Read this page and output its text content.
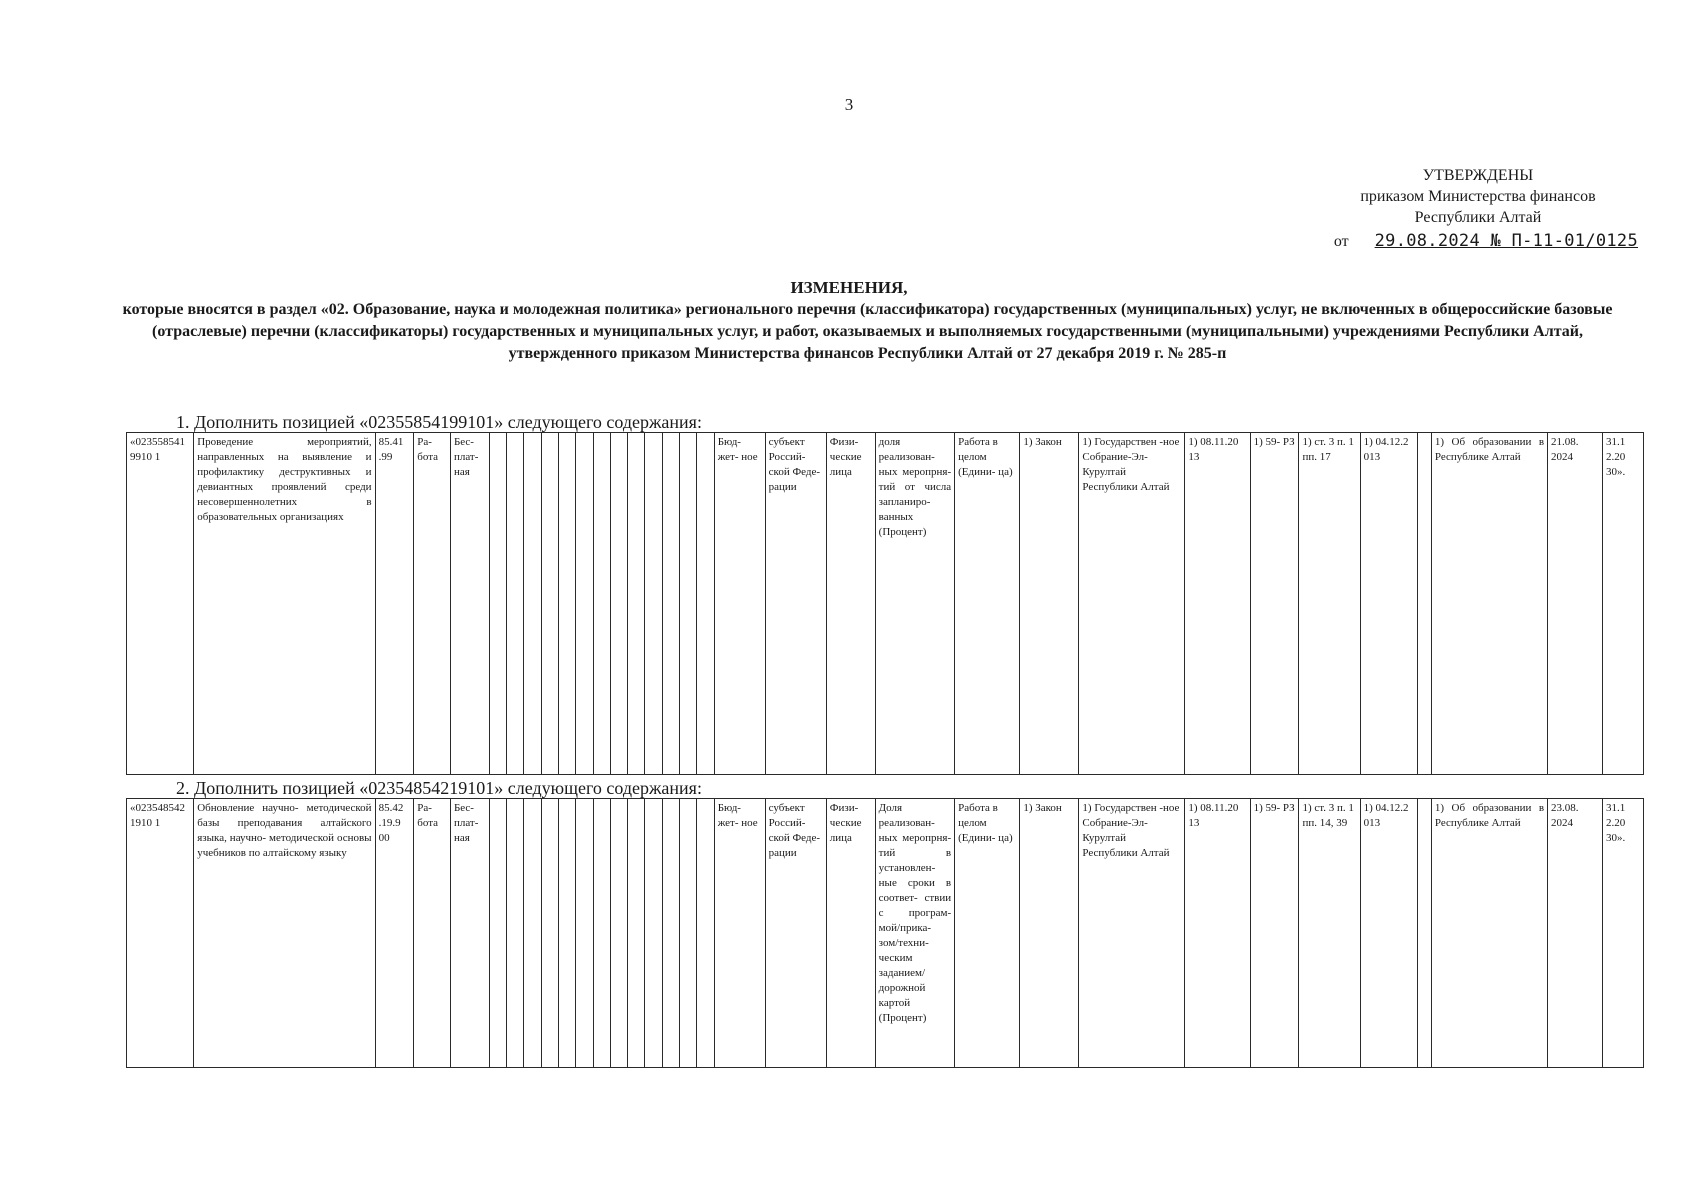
3
УТВЕРЖДЕНЫ
приказом Министерства финансов
Республики Алтай
от 29.08.2024 № П-11-01/0125
ИЗМЕНЕНИЯ,
которые вносятся в раздел «02. Образование, наука и молодежная политика» регионального перечня (классификатора) государственных (муниципальных) услуг, не включенных в общероссийские базовые (отраслевые) перечни (классификаторы) государственных и муниципальных услуг, и работ, оказываемых и выполняемых государственными (муниципальными) учреждениями Республики Алтай, утвержденного приказом Министерства финансов Республики Алтай от 27 декабря 2019 г. № 285-п
1. Дополнить позицией «02355854199101» следующего содержания:
«0235585419910 1	Проведение мероприятий, направленных на выявление и профилактику деструктивных и девиантных проявлений среди несовершеннолетних в образовательных организациях	85.41 .99	Ра- бота	Бес- плат- ная														Бюд- жет- ное	субъект Россий- ской Феде- рации	Физи- ческие лица	доля реализован- ных меропрня- тий от числа запланиро- ванных (Процент)	Работа в целом (Едини- ца)	1) Закон	1) Государствен -ное Собрание-Эл- Курултай Республики Алтай	1) 08.11.20 13	1) 59- РЗ	1) ст. 3 п. 1 пп. 17	1) 04.12.2 013		1) Об образовании в Республике Алтай	21.08. 2024	31.1 2.20 30».
2. Дополнить позицией «02354854219101» следующего содержания:
«0235485421910 1	Обновление научно- методической базы преподавания алтайского языка, научно- методической основы учебников по алтайскому языку	85.42 .19.9 00	Ра- бота	Бес- плат- ная														Бюд- жет- ное	субъект Россий- ской Феде- рации	Физи- ческие лица	Доля реализован- ных меропрня- тий в установлен- ные сроки в соответ- ствии с програм- мой/прика- зом/техни- ческим заданием/ дорожной картой (Процент)	Работа в целом (Едини- ца)	1) Закон	1) Государствен -ное Собрание-Эл- Курултай Республики Алтай	1) 08.11.20 13	1) 59- РЗ	1) ст. 3 п. 1 пп. 14, 39	1) 04.12.2 013		1) Об образовании в Республике Алтай	23.08. 2024	31.1 2.20 30».
